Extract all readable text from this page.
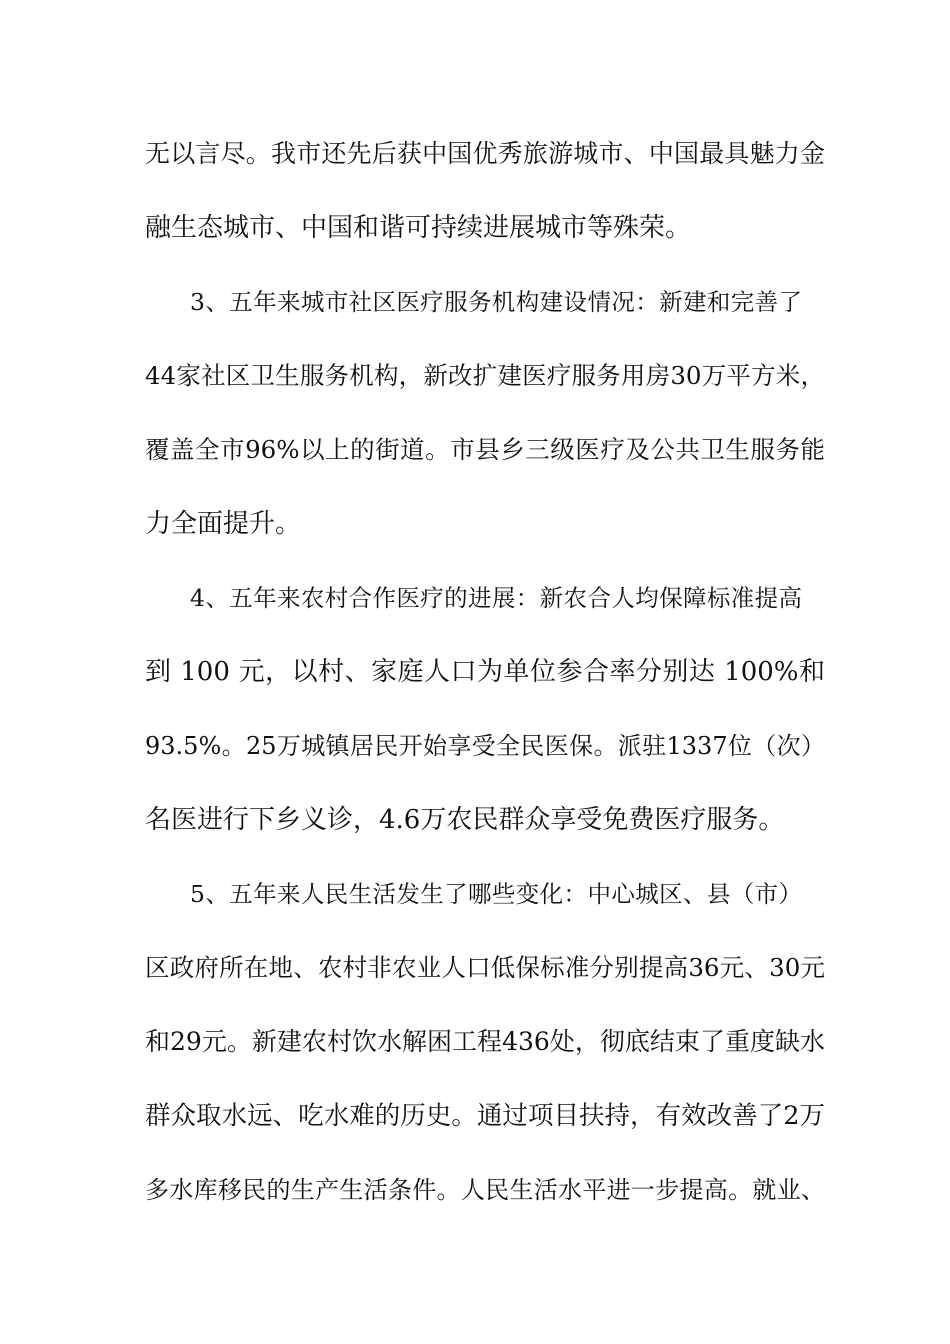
无以言尽。我市还先后获中国优秀旅游城市、中国最具魅力金
融生态城市、中国和谐可持续进展城市等殊荣。
3、五年来城市社区医疗服务机构建设情况：新建和完善了
44家社区卫生服务机构，新改扩建医疗服务用房30万平方米，
覆盖全市96%以上的街道。市县乡三级医疗及公共卫生服务能
力全面提升。
4、五年来农村合作医疗的进展：新农合人均保障标准提高
到 100 元，以村、家庭人口为单位参合率分别达 100%和
93.5%。25万城镇居民开始享受全民医保。派驻1337位（次）
名医进行下乡义诊，4.6万农民群众享受免费医疗服务。
5、五年来人民生活发生了哪些变化：中心城区、县（市）
区政府所在地、农村非农业人口低保标准分别提高36元、30元
和29元。新建农村饮水解困工程436处，彻底结束了重度缺水
群众取水远、吃水难的历史。通过项目扶持，有效改善了2万
多水库移民的生产生活条件。人民生活水平进一步提高。就业、
